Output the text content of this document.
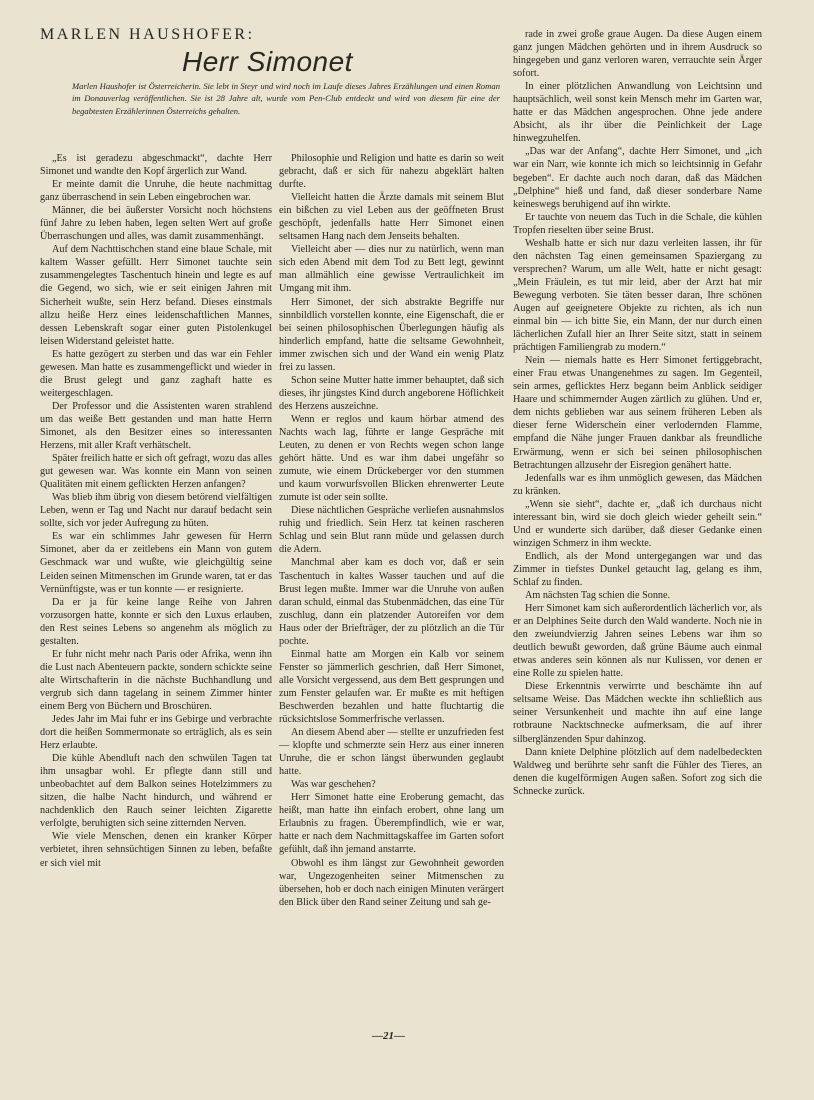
MARLEN HAUSHOFER:
Herr Simonet
Marlen Haushofer ist Österreicherin. Sie lebt in Steyr und wird noch im Laufe dieses Jahres Erzählungen und einen Roman im Donauverlag veröffentlichen. Sie ist 28 Jahre alt, wurde vom Pen-Club entdeckt und wird von diesem für eine der begabtesten Erzählerinnen Österreichs gehalten.

„Es ist geradezu abgeschmackt“, dachte Herr Simonet und wandte den Kopf ärgerlich zur Wand.

Er meinte damit die Unruhe, die heute nachmittag ganz überraschend in sein Leben eingebrochen war.

Männer, die bei äußerster Vorsicht noch höchstens fünf Jahre zu leben haben, legen selten Wert auf große Überraschungen und alles, was damit zusammenhängt.

Auf dem Nachttischchen stand eine blaue Schale, mit kaltem Wasser gefüllt. Herr Simonet tauchte sein zusammengelegtes Taschentuch hinein und legte es auf die Gegend, wo sich, wie er seit einigen Jahren mit Sicherheit wußte, sein Herz befand. Dieses einstmals allzu heiße Herz eines leidenschaftlichen Mannes, dessen Lebenskraft sogar einer guten Pistolenkugel leisen Widerstand geleistet hatte.

Es hatte gezögert zu sterben und das war ein Fehler gewesen. Man hatte es zusammengeflickt und wieder in die Brust gelegt und ganz zaghaft hatte es weitergeschlagen.

Der Professor und die Assistenten waren strahlend um das weiße Bett gestanden und man hatte Herrn Simonet, als den Besitzer eines so interessanten Herzens, mit aller Kraft verhätschelt.

Später freilich hatte er sich oft gefragt, wozu das alles gut gewesen war. Was konnte ein Mann von seinen Qualitäten mit einem geflickten Herzen anfangen?

Was blieb ihm übrig von diesem betörend vielfältigen Leben, wenn er Tag und Nacht nur darauf bedacht sein sollte, sich vor jeder Aufregung zu hüten.

Es war ein schlimmes Jahr gewesen für Herrn Simonet, aber da er zeitlebens ein Mann von gutem Geschmack war und wußte, wie gleichgültig seine Leiden seinen Mitmenschen im Grunde waren, tat er das Vernünftigste, was er tun konnte — er resignierte.

Da er ja für keine lange Reihe von Jahren vorzusorgen hatte, konnte er sich den Luxus erlauben, den Rest seines Lebens so angenehm als möglich zu gestalten.

Er fuhr nicht mehr nach Paris oder Afrika, wenn ihn die Lust nach Abenteuern packte, sondern schickte seine alte Wirtschafterin in die nächste Buchhandlung und vergrub sich dann tagelang in seinem Zimmer hinter einem Berg von Büchern und Broschüren.

Jedes Jahr im Mai fuhr er ins Gebirge und verbrachte dort die heißen Sommermonate so erträglich, als es sein Herz erlaubte.

Die kühle Abendluft nach den schwülen Tagen tat ihm unsagbar wohl. Er pflegte dann still und unbeobachtet auf dem Balkon seines Hotelzimmers zu sitzen, die halbe Nacht hindurch, und während er nachdenklich den Rauch seiner leichten Zigarette verfolgte, beruhigten sich seine zitternden Nerven.

Wie viele Menschen, denen ein kranker Körper verbietet, ihren sehnsüchtigen Sinnen zu leben, befaßte er sich viel mit

Philosophie und Religion und hatte es darin so weit gebracht, daß er sich für nahezu abgeklärt halten durfte.

Vielleicht hatten die Ärzte damals mit seinem Blut ein bißchen zu viel Leben aus der geöffneten Brust geschöpft, jedenfalls hatte Herr Simonet einen seltsamen Hang nach dem Jenseits behalten.

Vielleicht aber — dies nur zu natürlich, wenn man sich eden Abend mit dem Tod zu Bett legt, gewinnt man allmählich eine gewisse Vertraulichkeit im Umgang mit ihm.

Herr Simonet, der sich abstrakte Begriffe nur sinnbildlich vorstellen konnte, eine Eigenschaft, die er bei seinen philosophischen Überlegungen häufig als hinderlich empfand, hatte die seltsame Gewohnheit, immer zwischen sich und der Wand ein wenig Platz frei zu lassen.

Schon seine Mutter hatte immer behauptet, daß sich dieses, ihr jüngstes Kind durch angeborene Höflichkeit des Herzens auszeichne.

Wenn er reglos und kaum hörbar atmend des Nachts wach lag, führte er lange Gespräche mit Leuten, zu denen er von Rechts wegen schon lange gehört hätte. Und es war ihm dabei ungefähr so zumute, wie einem Drückeberger vor den stummen und kaum vorwurfsvollen Blicken ehrenwerter Leute zumute ist oder sein sollte.

Diese nächtlichen Gespräche verliefen ausnahmslos ruhig und friedlich. Sein Herz tat keinen rascheren Schlag und sein Blut rann müde und gelassen durch die Adern.

Manchmal aber kam es doch vor, daß er sein Taschentuch in kaltes Wasser tauchen und auf die Brust legen mußte. Immer war die Unruhe von außen daran schuld, einmal das Stubenmädchen, das eine Tür zuschlug, dann ein platzender Autoreifen vor dem Haus oder der Briefträger, der zu plötzlich an die Tür pochte.

Einmal hatte am Morgen ein Kalb vor seinem Fenster so jämmerlich geschrien, daß Herr Simonet, alle Vorsicht vergessend, aus dem Bett gesprungen und zum Fenster gelaufen war. Er mußte es mit heftigen Beschwerden bezahlen und hatte fluchtartig die rücksichtslose Sommerfrische verlassen.

An diesem Abend aber — stellte er unzufrieden fest — klopfte und schmerzte sein Herz aus einer inneren Unruhe, die er schon längst überwunden geglaubt hatte.

Was war geschehen?

Herr Simonet hatte eine Eroberung gemacht, das heißt, man hatte ihn einfach erobert, ohne lang um Erlaubnis zu fragen. Überempfindlich, wie er war, hatte er nach dem Nachmittagskaffee im Garten sofort gefühlt, daß ihn jemand anstarrte.

Obwohl es ihm längst zur Gewohnheit geworden war, Ungezogenheiten seiner Mitmenschen zu übersehen, hob er doch nach einigen Minuten verärgert den Blick über den Rand seiner Zeitung und sah ge-

rade in zwei große graue Augen. Da diese Augen einem ganz jungen Mädchen gehörten und in ihrem Ausdruck so hingegeben und ganz verloren waren, verrauchte sein Ärger sofort.

In einer plötzlichen Anwandlung von Leichtsinn und hauptsächlich, weil sonst kein Mensch mehr im Garten war, hatte er das Mädchen angesprochen. Ohne jede andere Absicht, als ihr über die Peinlichkeit der Lage hinwegzuhelfen.

„Das war der Anfang“, dachte Herr Simonet, und „ich war ein Narr, wie konnte ich mich so leichtsinnig in Gefahr begeben“. Er dachte auch noch daran, daß das Mädchen „Delphine“ hieß und fand, daß dieser sonderbare Name keineswegs beruhigend auf ihn wirkte.

Er tauchte von neuem das Tuch in die Schale, die kühlen Tropfen rieselten über seine Brust.

Weshalb hatte er sich nur dazu verleiten lassen, ihr für den nächsten Tag einen gemeinsamen Spaziergang zu versprechen? Warum, um alle Welt, hatte er nicht gesagt: „Mein Fräulein, es tut mir leid, aber der Arzt hat mir Bewegung verboten. Sie täten besser daran, Ihre schönen Augen auf geeignetere Objekte zu richten, als ich nun einmal bin — ich bitte Sie, ein Mann, der nur durch einen lächerlichen Zufall hier an Ihrer Seite sitzt, statt in seinem prächtigen Familiengrab zu modern.“

Nein — niemals hatte es Herr Simonet fertiggebracht, einer Frau etwas Unangenehmes zu sagen. Im Gegenteil, sein armes, geflicktes Herz begann beim Anblick seidiger Haare und schimmernder Augen zärtlich zu glühen. Und er, dem nichts geblieben war aus seinem früheren Leben als dieser ferne Widerschein einer verlodernden Flamme, empfand die Nähe junger Frauen dankbar als freundliche Erwärmung, wenn er sich bei seinen philosophischen Betrachtungen allzusehr der Eisregion genähert hatte.

Jedenfalls war es ihm unmöglich gewesen, das Mädchen zu kränken.

„Wenn sie sieht“, dachte er, „daß ich durchaus nicht interessant bin, wird sie doch gleich wieder geheilt sein.“ Und er wunderte sich darüber, daß dieser Gedanke einen winzigen Schmerz in ihm weckte.

Endlich, als der Mond untergegangen war und das Zimmer in tiefstes Dunkel getaucht lag, gelang es ihm, Schlaf zu finden.

Am nächsten Tag schien die Sonne.

Herr Simonet kam sich außerordentlich lächerlich vor, als er an Delphines Seite durch den Wald wanderte. Noch nie in den zweiundvierzig Jahren seines Lebens war ihm so deutlich bewußt geworden, daß grüne Bäume auch einmal etwas anderes sein können als nur Kulissen, vor denen er eine Rolle zu spielen hatte.

Diese Erkenntnis verwirrte und beschämte ihn auf seltsame Weise. Das Mädchen weckte ihn schließlich aus seiner Versunkenheit und machte ihn auf eine lange rotbraune Nacktschnecke aufmerksam, die auf ihrer silberglänzenden Spur dahinzog.

Dann kniete Delphine plötzlich auf dem nadelbedeckten Waldweg und berührte sehr sanft die Fühler des Tieres, an denen die kugelförmigen Augen saßen. Sofort zog sich die Schnecke zurück.

—21—
